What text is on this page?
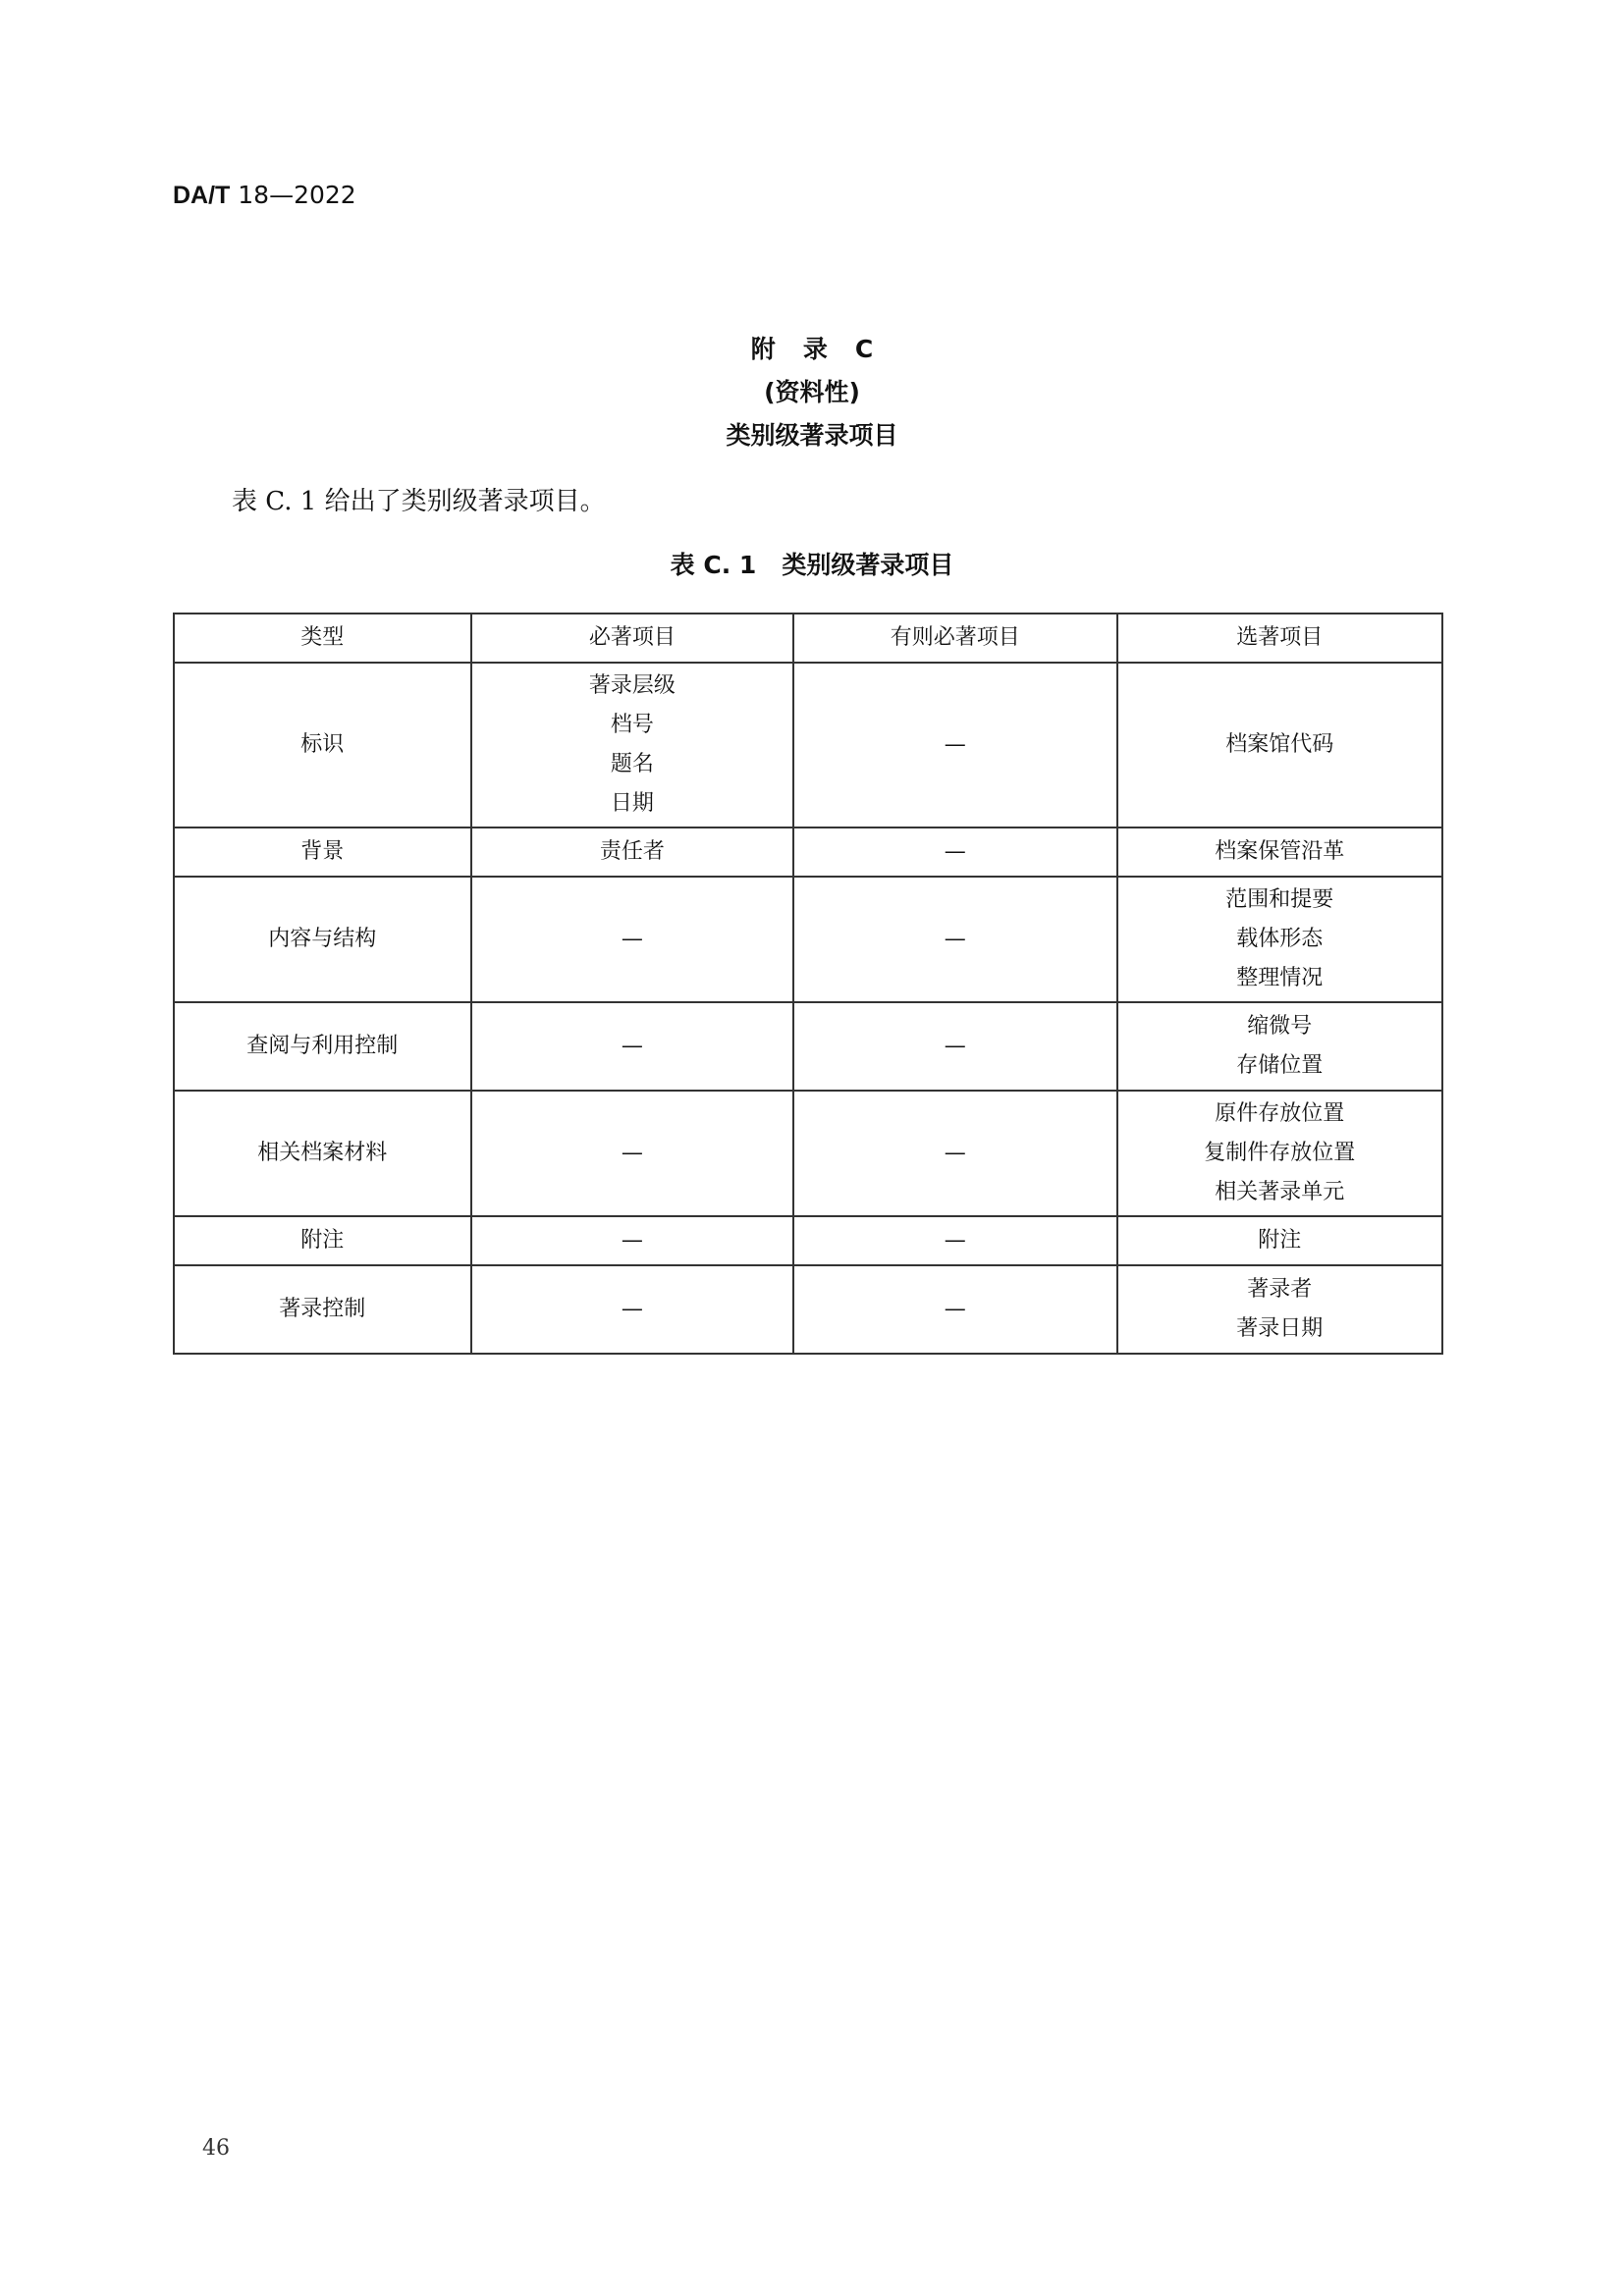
DA/T 18—2022
附 录 C
(资料性)
类别级著录项目
表 C. 1 给出了类别级著录项目。
表 C. 1 类别级著录项目
类型	必著项目	有则必著项目	选著项目
标识	著录层级
档号
题名
日期	—	档案馆代码

背景	责任者	—	档案保管沿革

内容与结构	—	—	范围和提要
载体形态
整理情况

查阅与利用控制	—	—	缩微号
存储位置

相关档案材料	—	—	原件存放位置
复制件存放位置
相关著录单元

附注	—	—	附注

著录控制	—	—	著录者
著录日期
46
